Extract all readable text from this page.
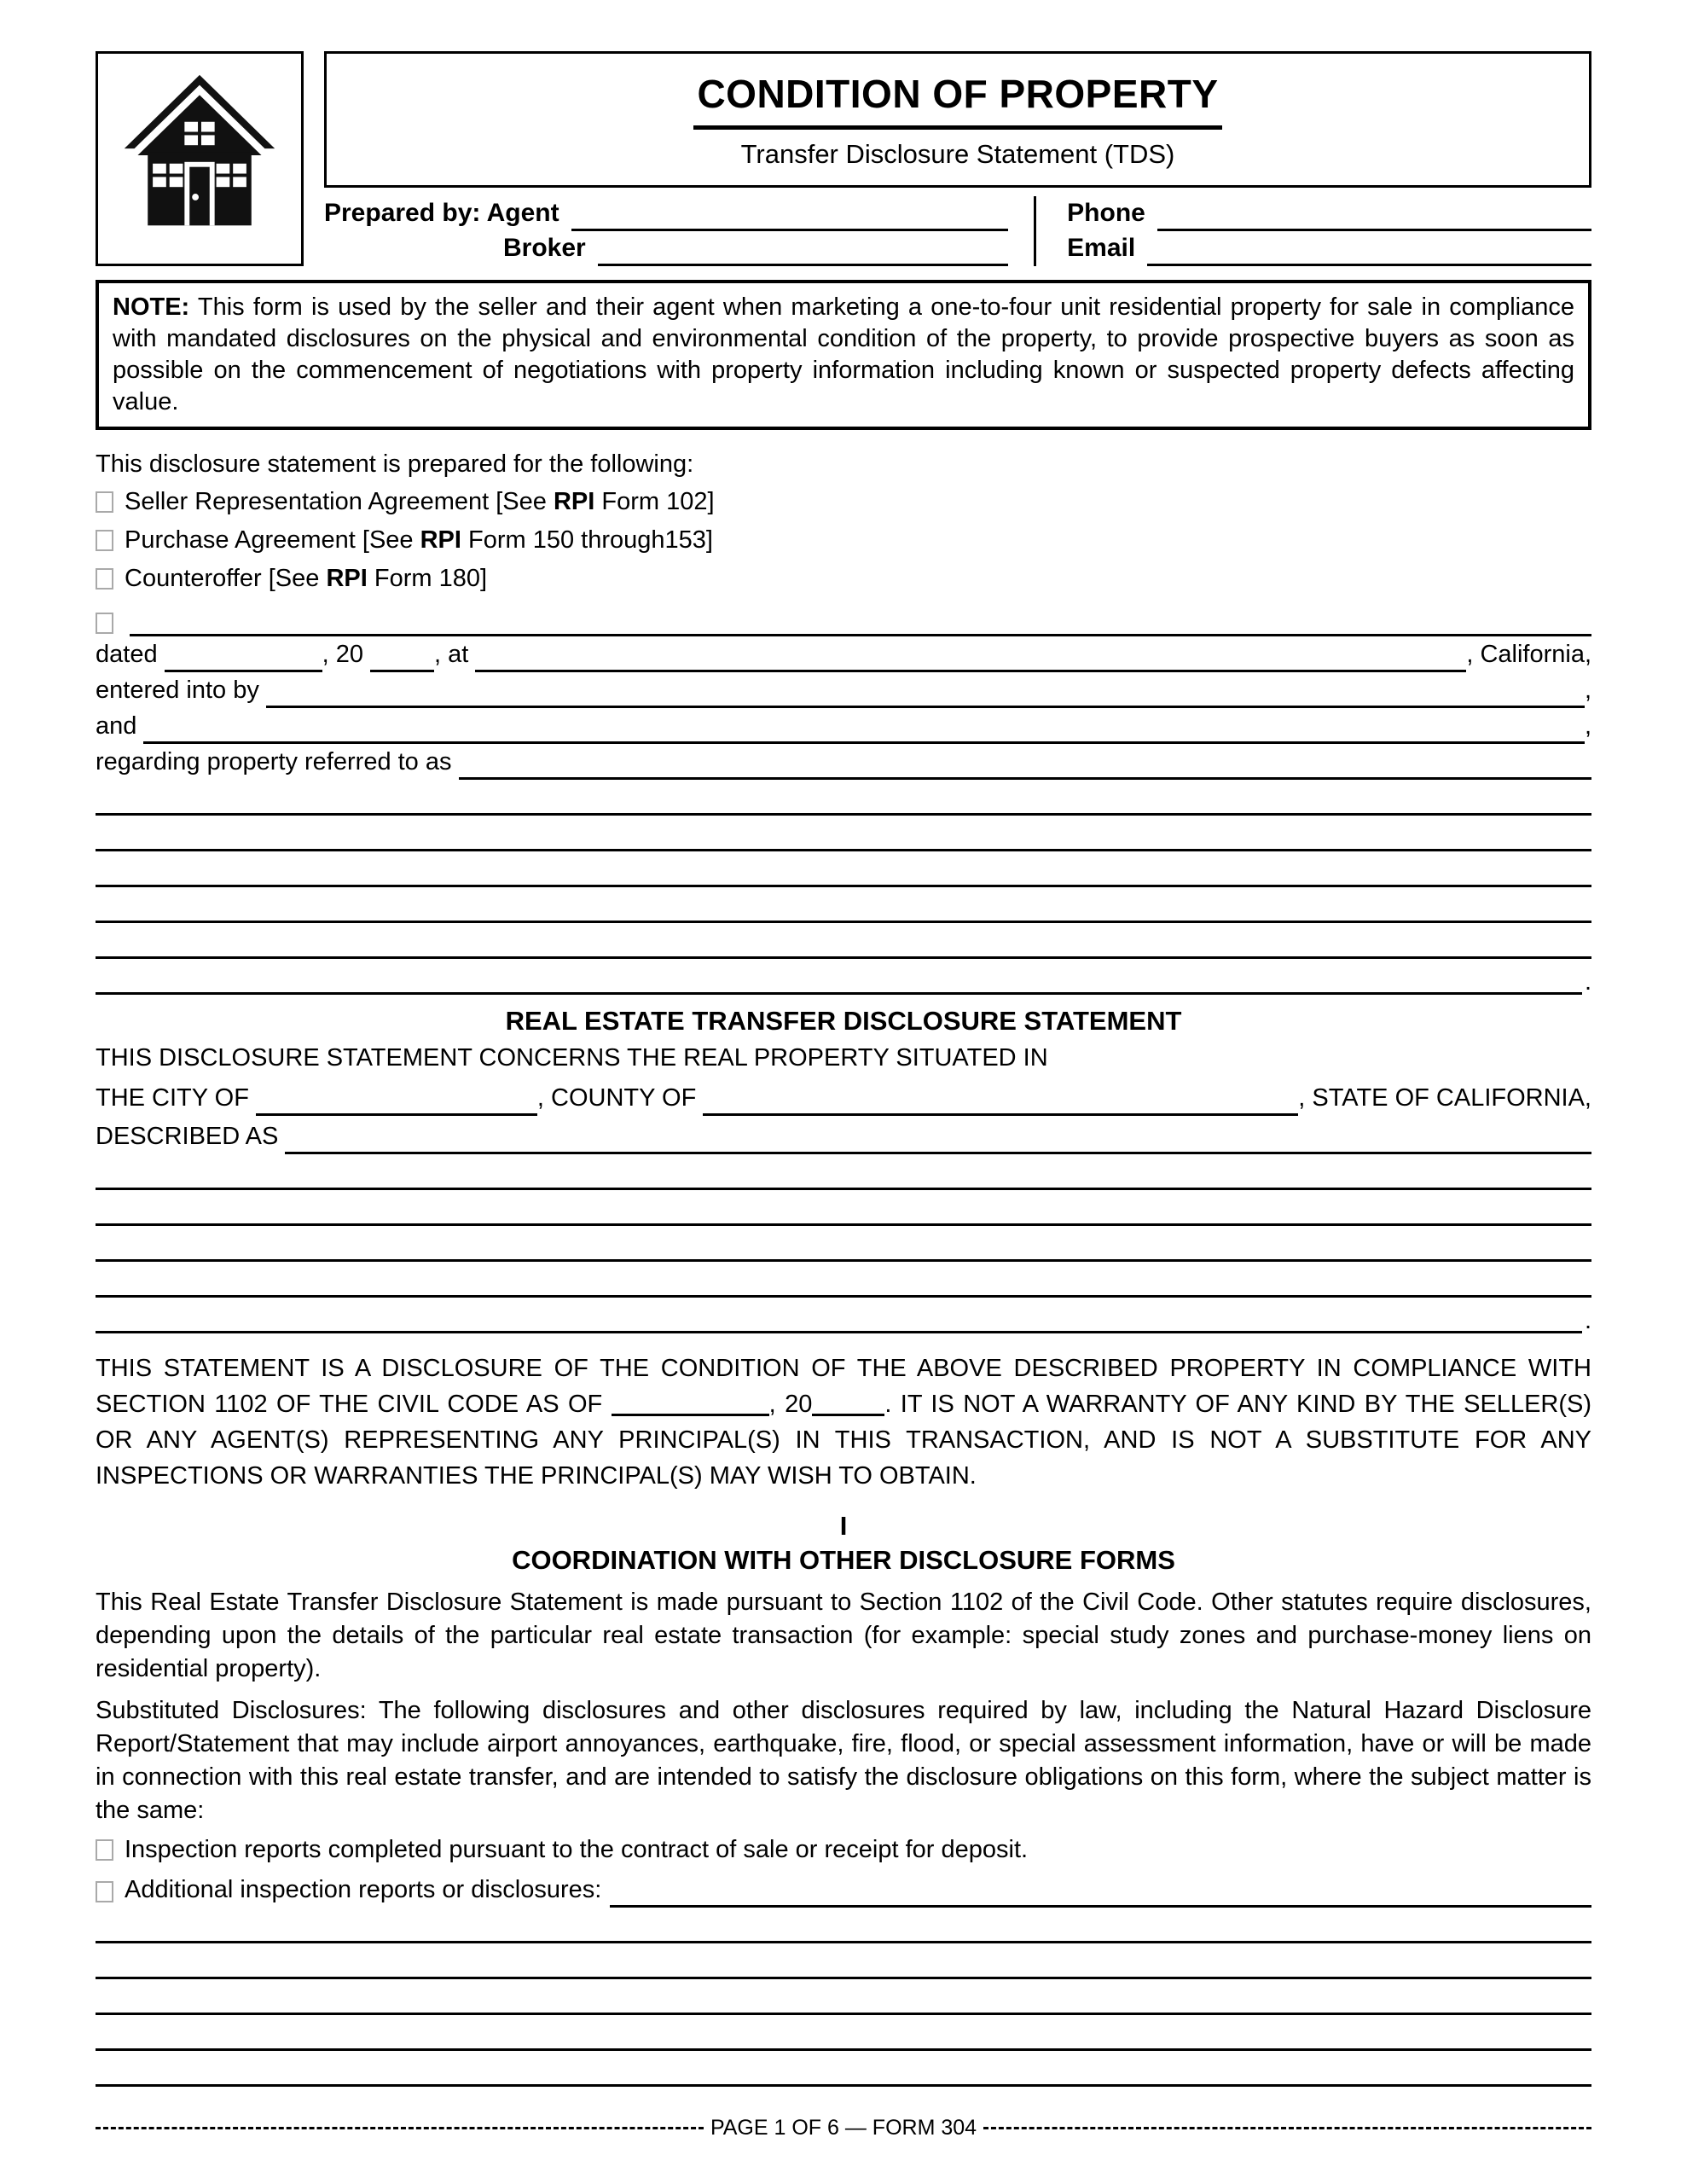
CONDITION OF PROPERTY
Transfer Disclosure Statement (TDS)
Prepared by: Agent
Broker
Phone
Email
NOTE: This form is used by the seller and their agent when marketing a one-to-four unit residential property for sale in compliance with mandated disclosures on the physical and environmental condition of the property, to provide prospective buyers as soon as possible on the commencement of negotiations with property information including known or suspected property defects affecting value.
This disclosure statement is prepared for the following:
Seller Representation Agreement [See RPI Form 102]
Purchase Agreement [See RPI Form 150 through153]
Counteroffer [See RPI Form 180]
dated	, 20	, at	, California,
entered into by	,
and	,
regarding property referred to as
.
REAL ESTATE TRANSFER DISCLOSURE STATEMENT
THIS DISCLOSURE STATEMENT CONCERNS THE REAL PROPERTY SITUATED IN
THE CITY OF	, COUNTY OF	, STATE OF CALIFORNIA,
DESCRIBED AS
.

THIS STATEMENT IS A DISCLOSURE OF THE CONDITION OF THE ABOVE DESCRIBED PROPERTY IN COMPLIANCE WITH SECTION 1102 OF THE CIVIL CODE AS OF	, 20	. IT IS NOT A WARRANTY OF ANY KIND BY THE SELLER(S) OR ANY AGENT(S) REPRESENTING ANY PRINCIPAL(S) IN THIS TRANSACTION, AND IS NOT A SUBSTITUTE FOR ANY INSPECTIONS OR WARRANTIES THE PRINCIPAL(S) MAY WISH TO OBTAIN.

I
COORDINATION WITH OTHER DISCLOSURE FORMS

This Real Estate Transfer Disclosure Statement is made pursuant to Section 1102 of the Civil Code. Other statutes require disclosures, depending upon the details of the particular real estate transaction (for example: special study zones and purchase-money liens on residential property).

Substituted Disclosures: The following disclosures and other disclosures required by law, including the Natural Hazard Disclosure Report/Statement that may include airport annoyances, earthquake, fire, flood, or special assessment information, have or will be made in connection with this real estate transfer, and are intended to satisfy the disclosure obligations on this form, where the subject matter is the same:

Inspection reports completed pursuant to the contract of sale or receipt for deposit.
Additional inspection reports or disclosures:
PAGE 1 OF 6 — FORM 304
